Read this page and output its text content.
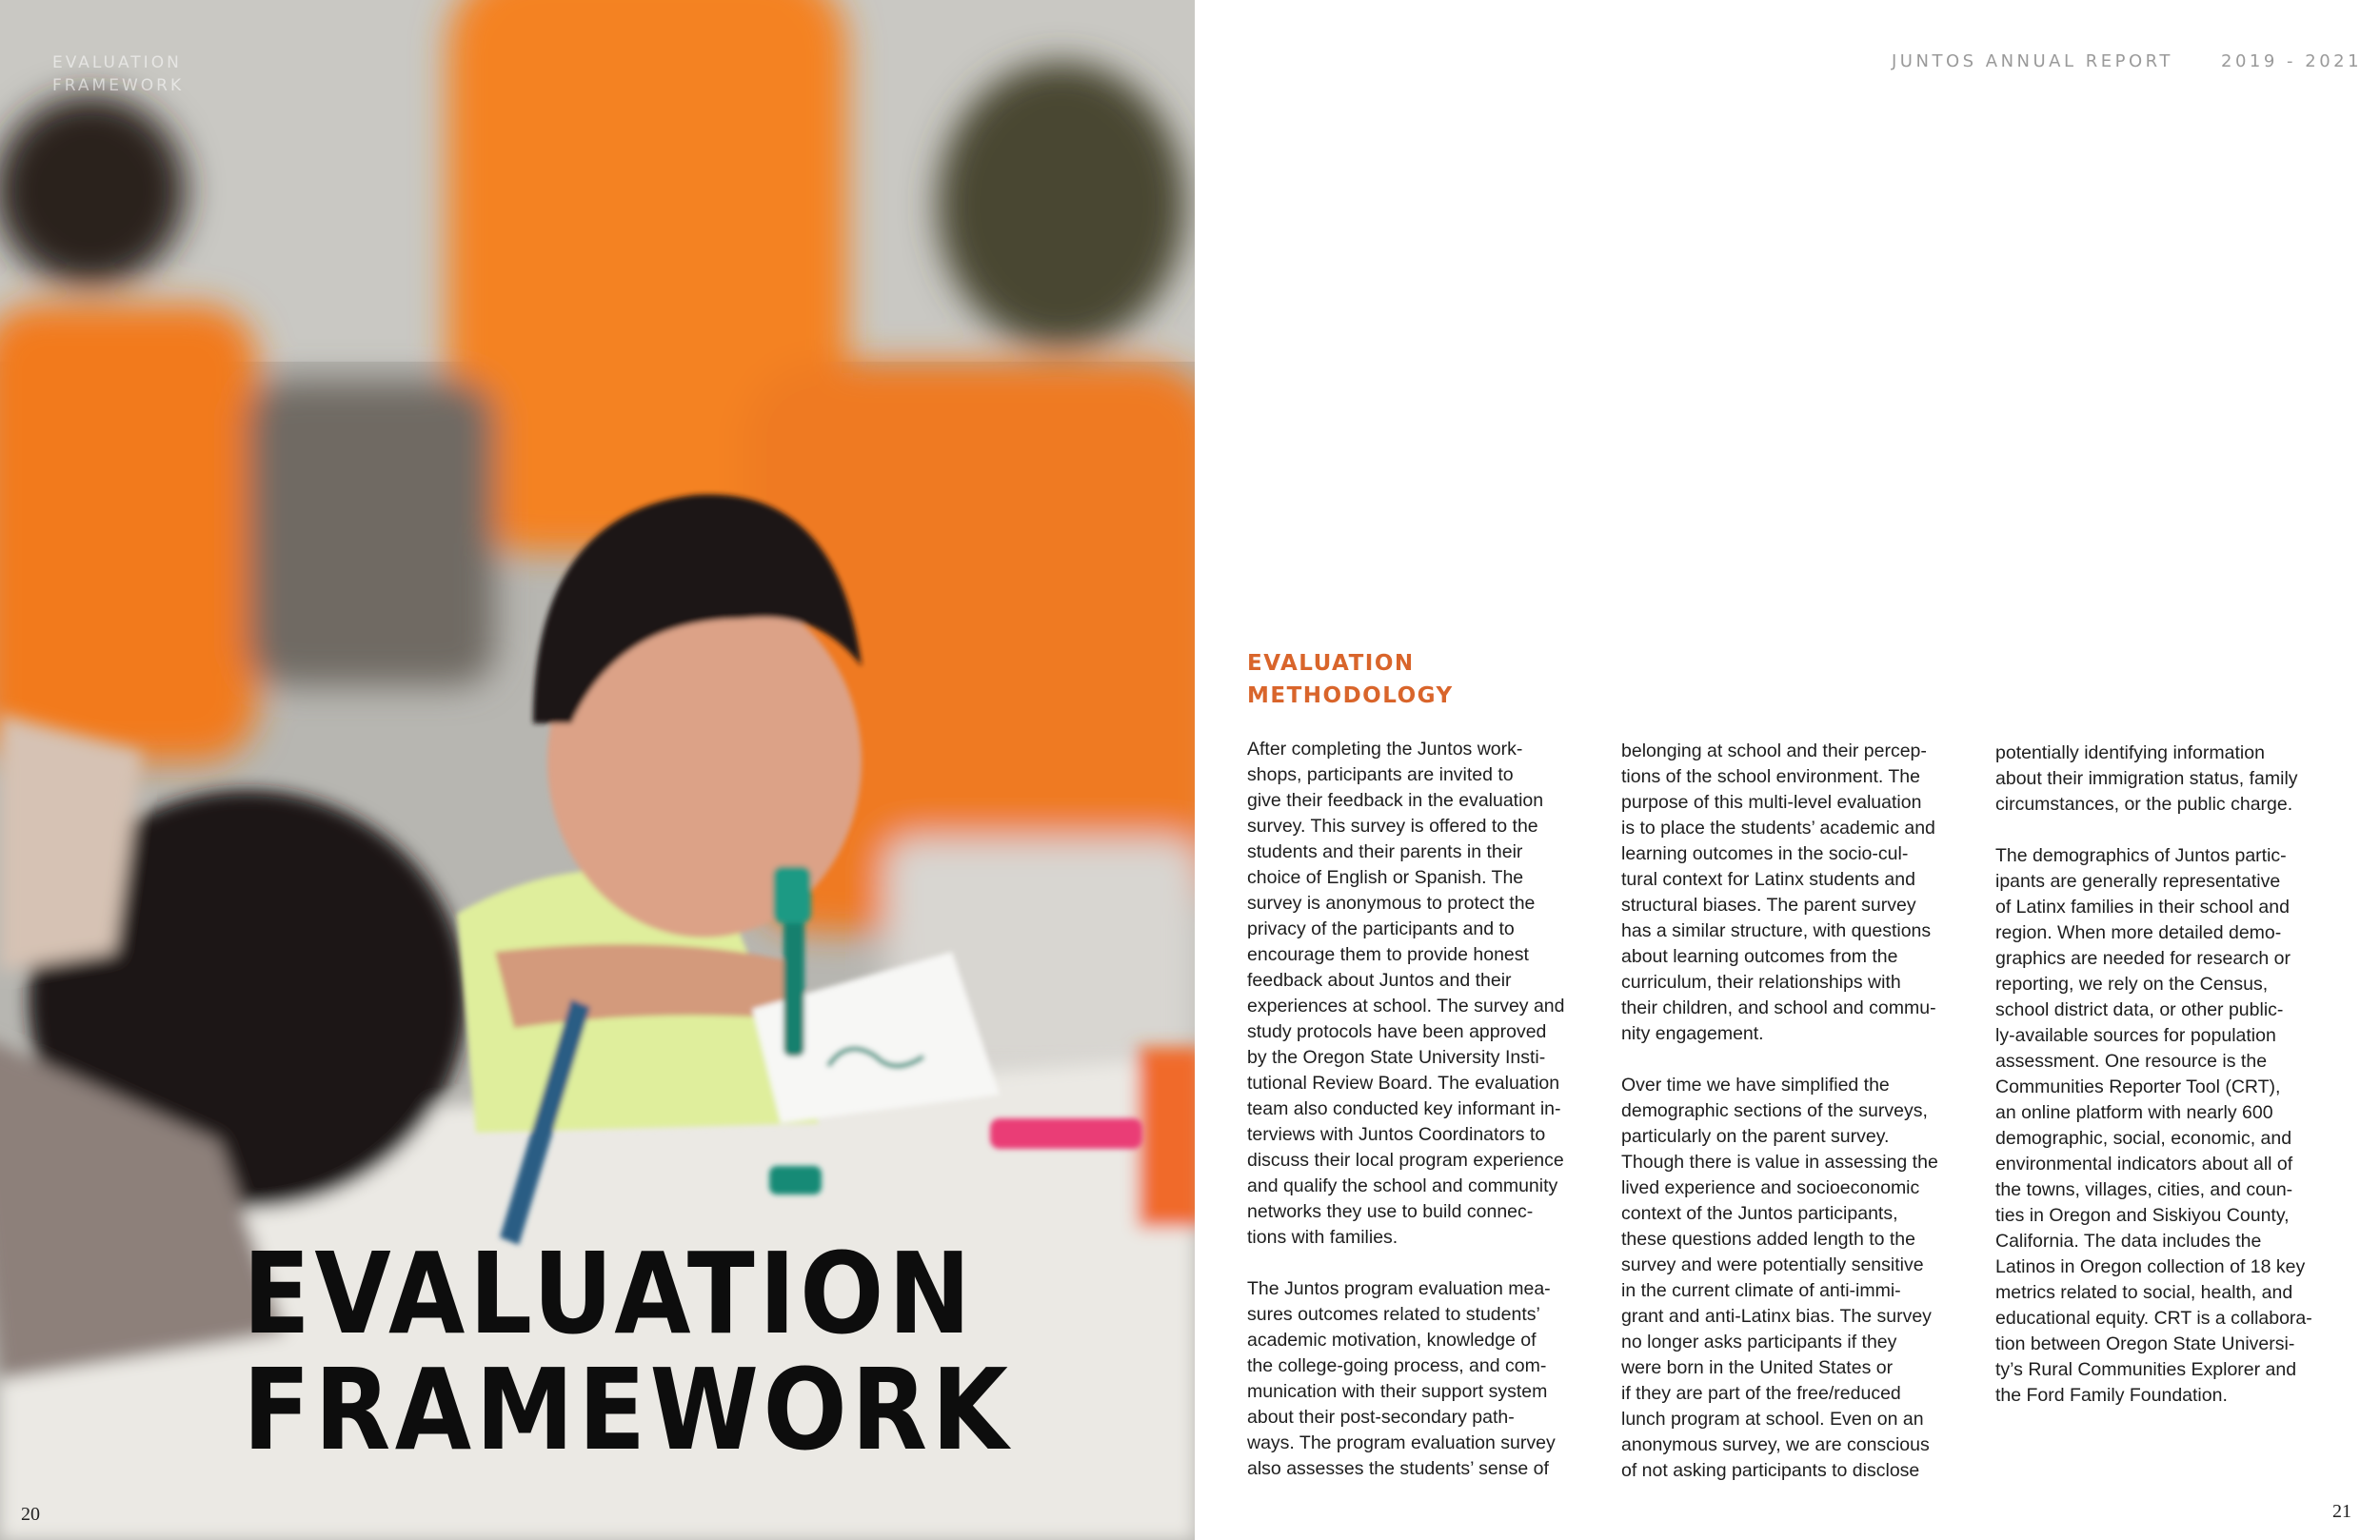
EVALUATION
FRAMEWORK
EVALUATION
FRAMEWORK
20
JUNTOS ANNUAL REPORT	2019 - 2021
EVALUATION
METHODOLOGY

After completing the Juntos work-
shops, participants are invited to
give their feedback in the evaluation
survey. This survey is offered to the
students and their parents in their
choice of English or Spanish. The
survey is anonymous to protect the
privacy of the participants and to
encourage them to provide honest
feedback about Juntos and their
experiences at school. The survey and
study protocols have been approved
by the Oregon State University Insti-
tutional Review Board. The evaluation
team also conducted key informant in-
terviews with Juntos Coordinators to
discuss their local program experience
and qualify the school and community
networks they use to build connec-
tions with families.

The Juntos program evaluation mea-
sures outcomes related to students’
academic motivation, knowledge of
the college-going process, and com-
munication with their support system
about their post-secondary path-
ways. The program evaluation survey
also assesses the students’ sense of

belonging at school and their percep-
tions of the school environment. The
purpose of this multi-level evaluation
is to place the students’ academic and
learning outcomes in the socio-cul-
tural context for Latinx students and
structural biases. The parent survey
has a similar structure, with questions
about learning outcomes from the
curriculum, their relationships with
their children, and school and commu-
nity engagement.

Over time we have simplified the
demographic sections of the surveys,
particularly on the parent survey.
Though there is value in assessing the
lived experience and socioeconomic
context of the Juntos participants,
these questions added length to the
survey and were potentially sensitive
in the current climate of anti-immi-
grant and anti-Latinx bias. The survey
no longer asks participants if they
were born in the United States or
if they are part of the free/reduced
lunch program at school. Even on an
anonymous survey, we are conscious
of not asking participants to disclose

potentially identifying information
about their immigration status, family
circumstances, or the public charge.

The demographics of Juntos partic-
ipants are generally representative
of Latinx families in their school and
region. When more detailed demo-
graphics are needed for research or
reporting, we rely on the Census,
school district data, or other public-
ly-available sources for population
assessment. One resource is the
Communities Reporter Tool (CRT),
an online platform with nearly 600
demographic, social, economic, and
environmental indicators about all of
the towns, villages, cities, and coun-
ties in Oregon and Siskiyou County,
California. The data includes the
Latinos in Oregon collection of 18 key
metrics related to social, health, and
educational equity. CRT is a collabora-
tion between Oregon State Universi-
ty’s Rural Communities Explorer and
the Ford Family Foundation.

21
